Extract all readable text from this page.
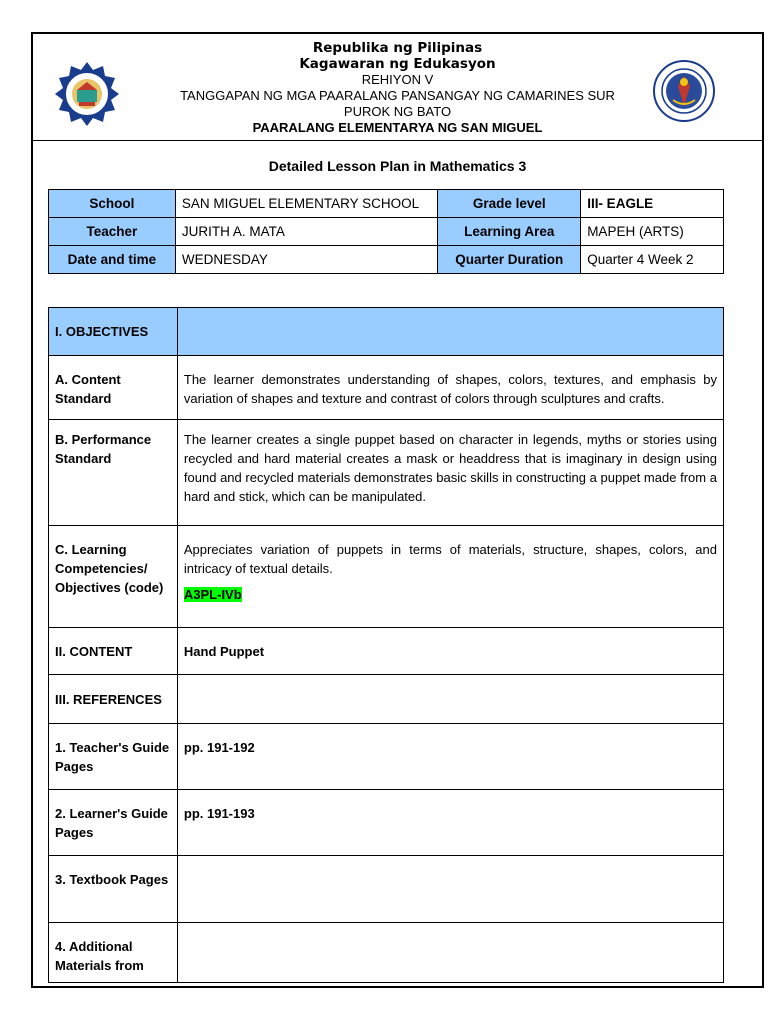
Republika ng Pilipinas
Kagawaran ng Edukasyon
REHIYON V
TANGGAPAN NG MGA PAARALANG PANSANGAY NG CAMARINES SUR
PUROK NG BATO
PAARALANG ELEMENTARYA NG SAN MIGUEL
Detailed Lesson Plan in Mathematics 3
School	SAN MIGUEL ELEMENTARY SCHOOL	Grade level	III- EAGLE
Teacher	JURITH A. MATA	Learning Area	MAPEH (ARTS)
Date and time	WEDNESDAY	Quarter Duration	Quarter 4 Week 2
I. OBJECTIVES	
A. Content Standard	The learner demonstrates understanding of shapes, colors, textures, and emphasis by variation of shapes and texture and contrast of colors through sculptures and crafts.
B. Performance Standard	The learner creates a single puppet based on character in legends, myths or stories using recycled and hard material creates a mask or headdress that is imaginary in design using found and recycled materials demonstrates basic skills in constructing a puppet made from a hard and stick, which can be manipulated.
C. Learning Competencies/ Objectives (code)	Appreciates variation of puppets in terms of materials, structure, shapes, colors, and intricacy of textual details.
A3PL-IVb

II. CONTENT	Hand Puppet
III. REFERENCES	
1. Teacher's Guide Pages	pp. 191-192
2. Learner's Guide Pages	pp. 191-193
3. Textbook Pages	
4. Additional Materials from	
